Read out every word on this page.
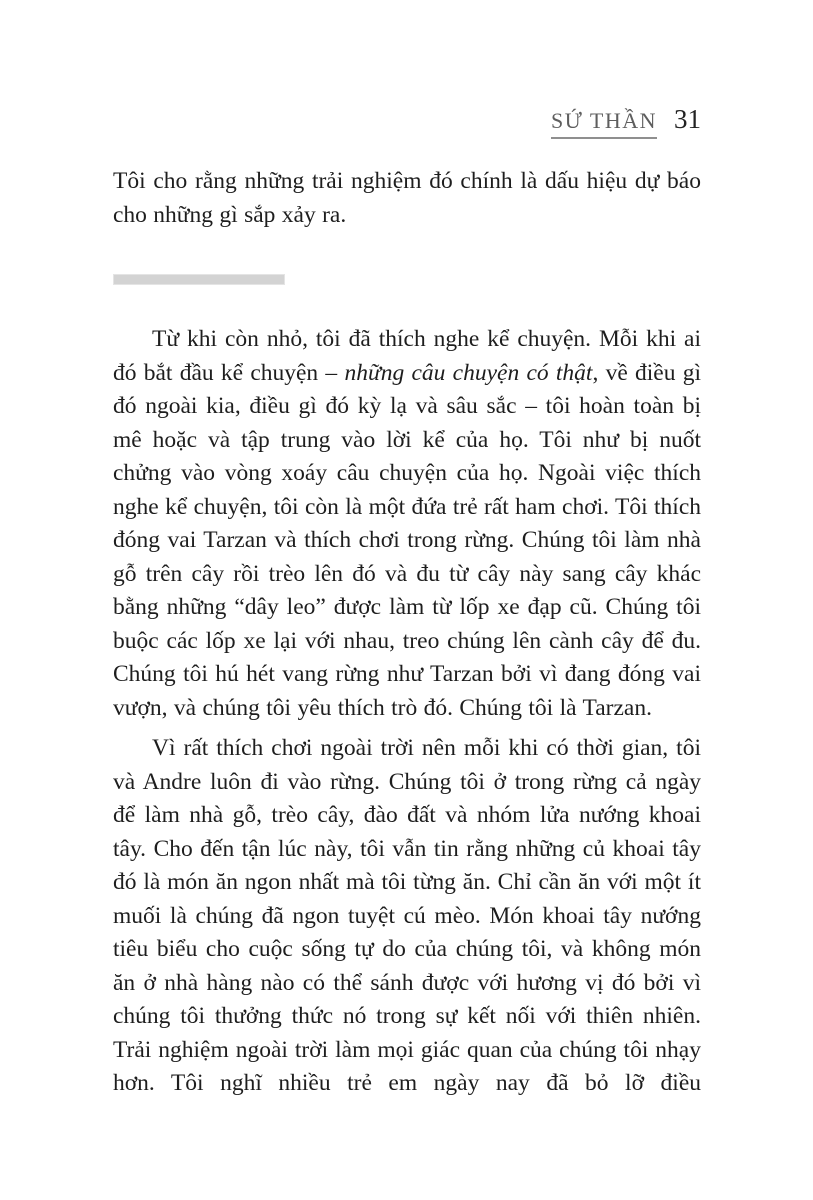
SỨ THẦN 31

Tôi cho rằng những trải nghiệm đó chính là dấu hiệu dự báo cho những gì sắp xảy ra.

Từ khi còn nhỏ, tôi đã thích nghe kể chuyện. Mỗi khi ai đó bắt đầu kể chuyện – những câu chuyện có thật, về điều gì đó ngoài kia, điều gì đó kỳ lạ và sâu sắc – tôi hoàn toàn bị mê hoặc và tập trung vào lời kể của họ. Tôi như bị nuốt chửng vào vòng xoáy câu chuyện của họ. Ngoài việc thích nghe kể chuyện, tôi còn là một đứa trẻ rất ham chơi. Tôi thích đóng vai Tarzan và thích chơi trong rừng. Chúng tôi làm nhà gỗ trên cây rồi trèo lên đó và đu từ cây này sang cây khác bằng những “dây leo” được làm từ lốp xe đạp cũ. Chúng tôi buộc các lốp xe lại với nhau, treo chúng lên cành cây để đu. Chúng tôi hú hét vang rừng như Tarzan bởi vì đang đóng vai vượn, và chúng tôi yêu thích trò đó. Chúng tôi là Tarzan.

Vì rất thích chơi ngoài trời nên mỗi khi có thời gian, tôi và Andre luôn đi vào rừng. Chúng tôi ở trong rừng cả ngày để làm nhà gỗ, trèo cây, đào đất và nhóm lửa nướng khoai tây. Cho đến tận lúc này, tôi vẫn tin rằng những củ khoai tây đó là món ăn ngon nhất mà tôi từng ăn. Chỉ cần ăn với một ít muối là chúng đã ngon tuyệt cú mèo. Món khoai tây nướng tiêu biểu cho cuộc sống tự do của chúng tôi, và không món ăn ở nhà hàng nào có thể sánh được với hương vị đó bởi vì chúng tôi thưởng thức nó trong sự kết nối với thiên nhiên. Trải nghiệm ngoài trời làm mọi giác quan của chúng tôi nhạy hơn. Tôi nghĩ nhiều trẻ em ngày nay đã bỏ lỡ điều
